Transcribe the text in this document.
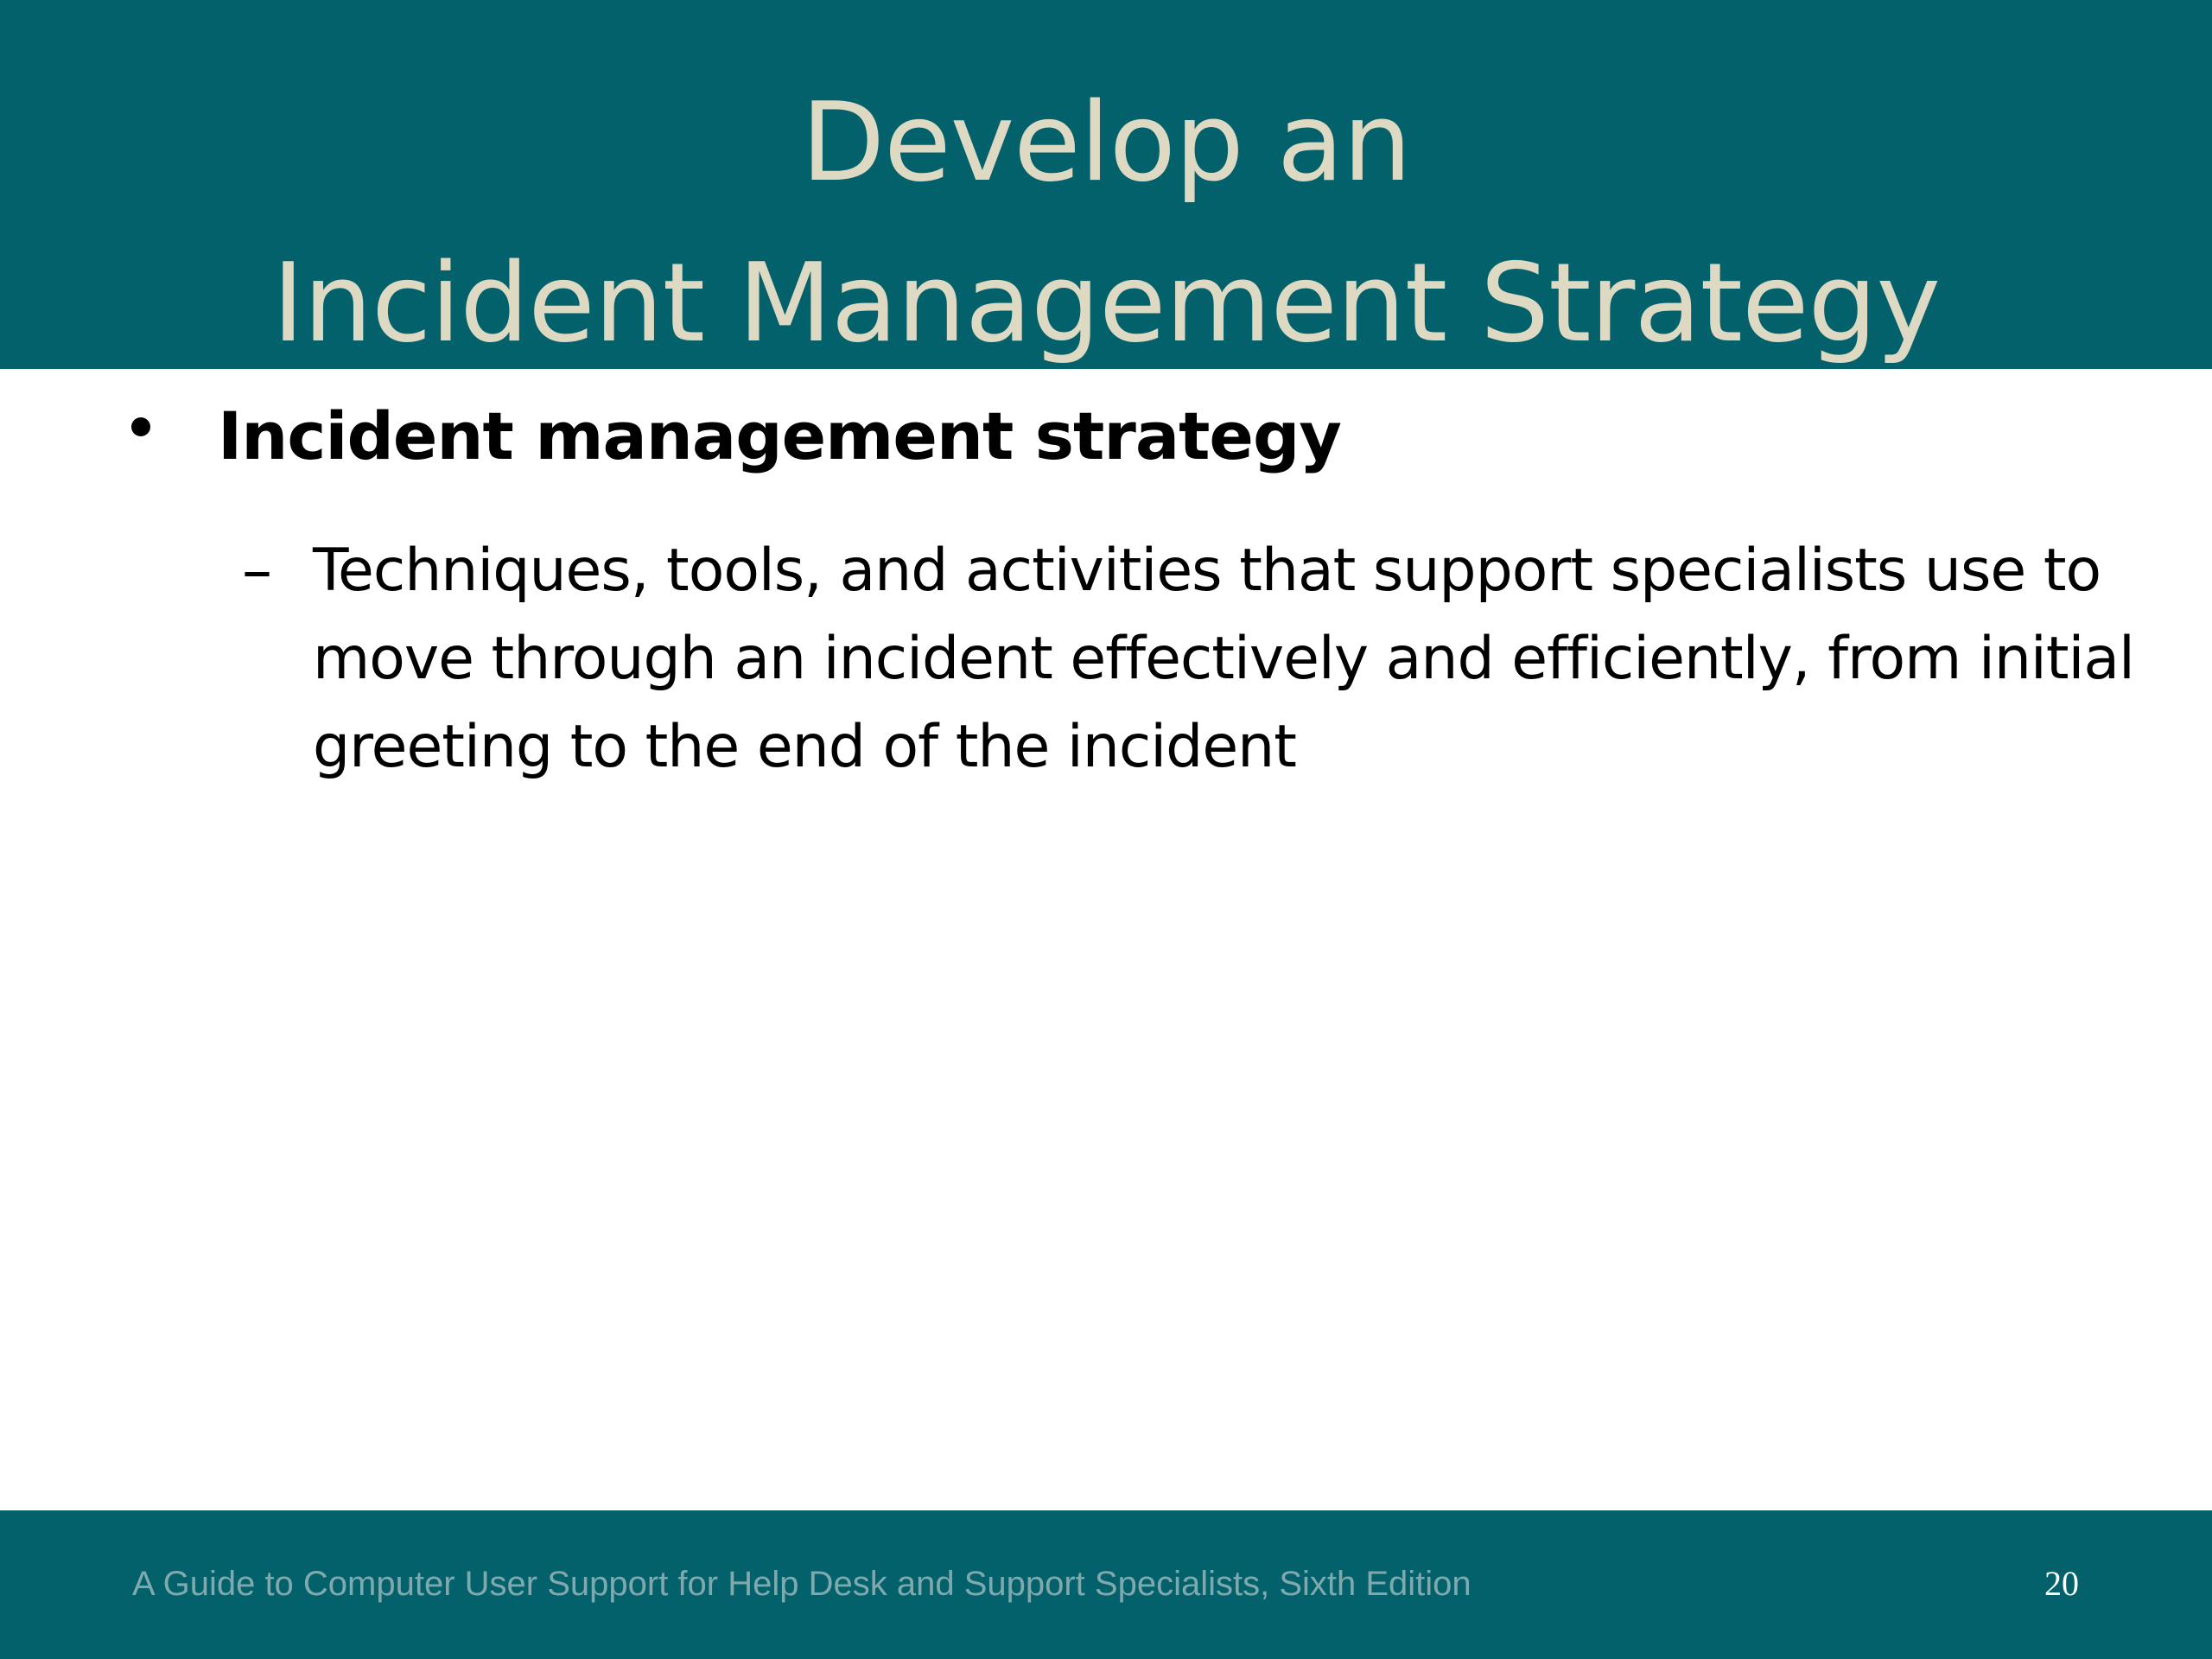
Develop an
Incident Management Strategy
Incident management strategy
– Techniques, tools, and activities that support specialists use to move through an incident effectively and efficiently, from initial greeting to the end of the incident
A Guide to Computer User Support for Help Desk and Support Specialists, Sixth Edition	20
